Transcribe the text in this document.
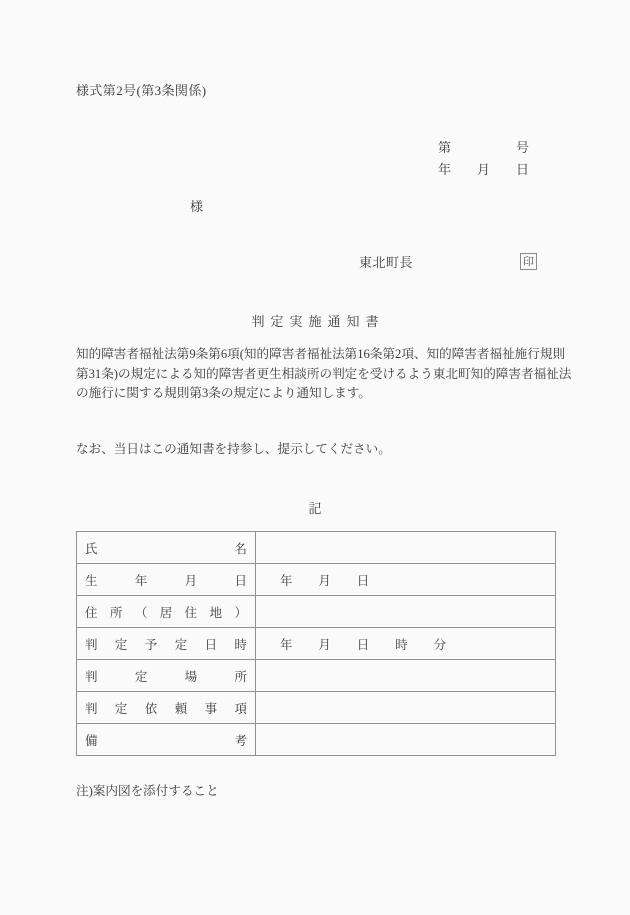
様式第2号(第3条関係)
第　　　　　号
年　　月　　日
様
東北町長	印
判定実施通知書
知的障害者福祉法第9条第6項(知的障害者福祉法第16条第2項、知的障害者福祉施行規則
第31条)の規定による知的障害者更生相談所の判定を受けるよう東北町知的障害者福祉法
の施行に関する規則第3条の規定により通知します。
なお、当日はこの通知書を持参し、提示してください。
記
氏名	
生年月日	年　　月　　日
住所（居住地）	
判定予定日時	年　　月　　日　　時　　分
判定場所	
判定依頼事項	
備考	
注)案内図を添付すること
